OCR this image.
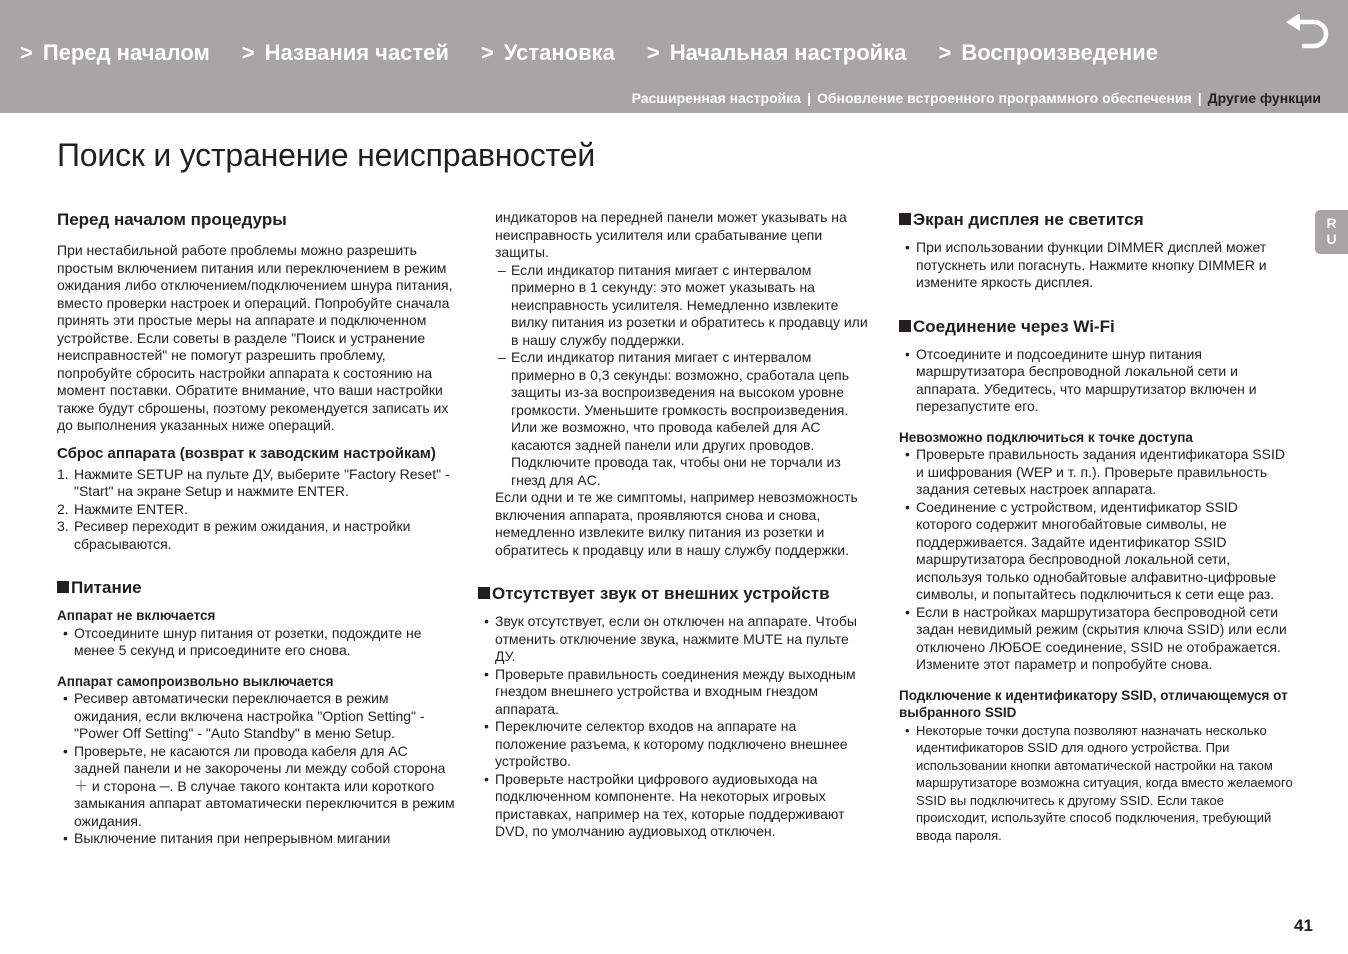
> Перед началом > Названия частей > Установка > Начальная настройка > Воспроизведение
Расширенная настройка | Обновление встроенного программного обеспечения | Другие функции
Поиск и устранение неисправностей
R
U
Перед началом процедуры

При нестабильной работе проблемы можно разрешить простым включением питания или переключением в режим ожидания либо отключением/подключением шнура питания, вместо проверки настроек и операций. Попробуйте сначала принять эти простые меры на аппарате и подключенном устройстве. Если советы в разделе "Поиск и устранение неисправностей" не помогут разрешить проблему, попробуйте сбросить настройки аппарата к состоянию на момент поставки. Обратите внимание, что ваши настройки также будут сброшены, поэтому рекомендуется записать их до выполнения указанных ниже операций.

Сброс аппарата (возврат к заводским настройкам)
1. Нажмите SETUP на пульте ДУ, выберите "Factory Reset" - "Start" на экране Setup и нажмите ENTER.
2. Нажмите ENTER.
3. Ресивер переходит в режим ожидания, и настройки сбрасываются.
Питание
Аппарат не включается
• Отсоедините шнур питания от розетки, подождите не менее 5 секунд и присоедините его снова.
Аппарат самопроизвольно выключается
• Ресивер автоматически переключается в режим ожидания, если включена настройка "Option Setting" - "Power Off Setting" - "Auto Standby" в меню Setup.
• Проверьте, не касаются ли провода кабеля для AC задней панели и не закорочены ли между собой сторона ＋ и сторона ─. В случае такого контакта или короткого замыкания аппарат автоматически переключится в режим ожидания.
• Выключение питания при непрерывном мигании

индикаторов на передней панели может указывать на неисправность усилителя или срабатывание цепи защиты.

– Если индикатор питания мигает с интервалом примерно в 1 секунду: это может указывать на неисправность усилителя. Немедленно извлеките вилку питания из розетки и обратитесь к продавцу или в нашу службу поддержки.
– Если индикатор питания мигает с интервалом примерно в 0,3 секунды: возможно, сработала цепь защиты из-за воспроизведения на высоком уровне громкости. Уменьшите громкость воспроизведения. Или же возможно, что провода кабелей для AC касаются задней панели или других проводов. Подключите провода так, чтобы они не торчали из гнезд для AC.

Если одни и те же симптомы, например невозможность включения аппарата, проявляются снова и снова, немедленно извлеките вилку питания из розетки и обратитесь к продавцу или в нашу службу поддержки.

Отсутствует звук от внешних устройств
• Звук отсутствует, если он отключен на аппарате. Чтобы отменить отключение звука, нажмите MUTE на пульте ДУ.
• Проверьте правильность соединения между выходным гнездом внешнего устройства и входным гнездом аппарата.
• Переключите селектор входов на аппарате на положение разъема, к которому подключено внешнее устройство.
• Проверьте настройки цифрового аудиовыхода на подключенном компоненте. На некоторых игровых приставках, например на тех, которые поддерживают DVD, по умолчанию аудиовыход отключен.
Экран дисплея не светится
• При использовании функции DIMMER дисплей может потускнеть или погаснуть. Нажмите кнопку DIMMER и измените яркость дисплея.
Соединение через Wi-Fi
• Отсоедините и подсоедините шнур питания маршрутизатора беспроводной локальной сети и аппарата. Убедитесь, что маршрутизатор включен и перезапустите его.
Невозможно подключиться к точке доступа
• Проверьте правильность задания идентификатора SSID и шифрования (WEP и т. п.). Проверьте правильность задания сетевых настроек аппарата.
• Соединение с устройством, идентификатор SSID которого содержит многобайтовые символы, не поддерживается. Задайте идентификатор SSID маршрутизатора беспроводной локальной сети, используя только однобайтовые алфавитно-цифровые символы, и попытайтесь подключиться к сети еще раз.
• Если в настройках маршрутизатора беспроводной сети задан невидимый режим (скрытия ключа SSID) или если отключено ЛЮБОЕ соединение, SSID не отображается. Измените этот параметр и попробуйте снова.
Подключение к идентификатору SSID, отличающемуся от выбранного SSID
• Некоторые точки доступа позволяют назначать несколько идентификаторов SSID для одного устройства. При использовании кнопки автоматической настройки на таком маршрутизаторе возможна ситуация, когда вместо желаемого SSID вы подключитесь к другому SSID. Если такое происходит, используйте способ подключения, требующий ввода пароля.
41
